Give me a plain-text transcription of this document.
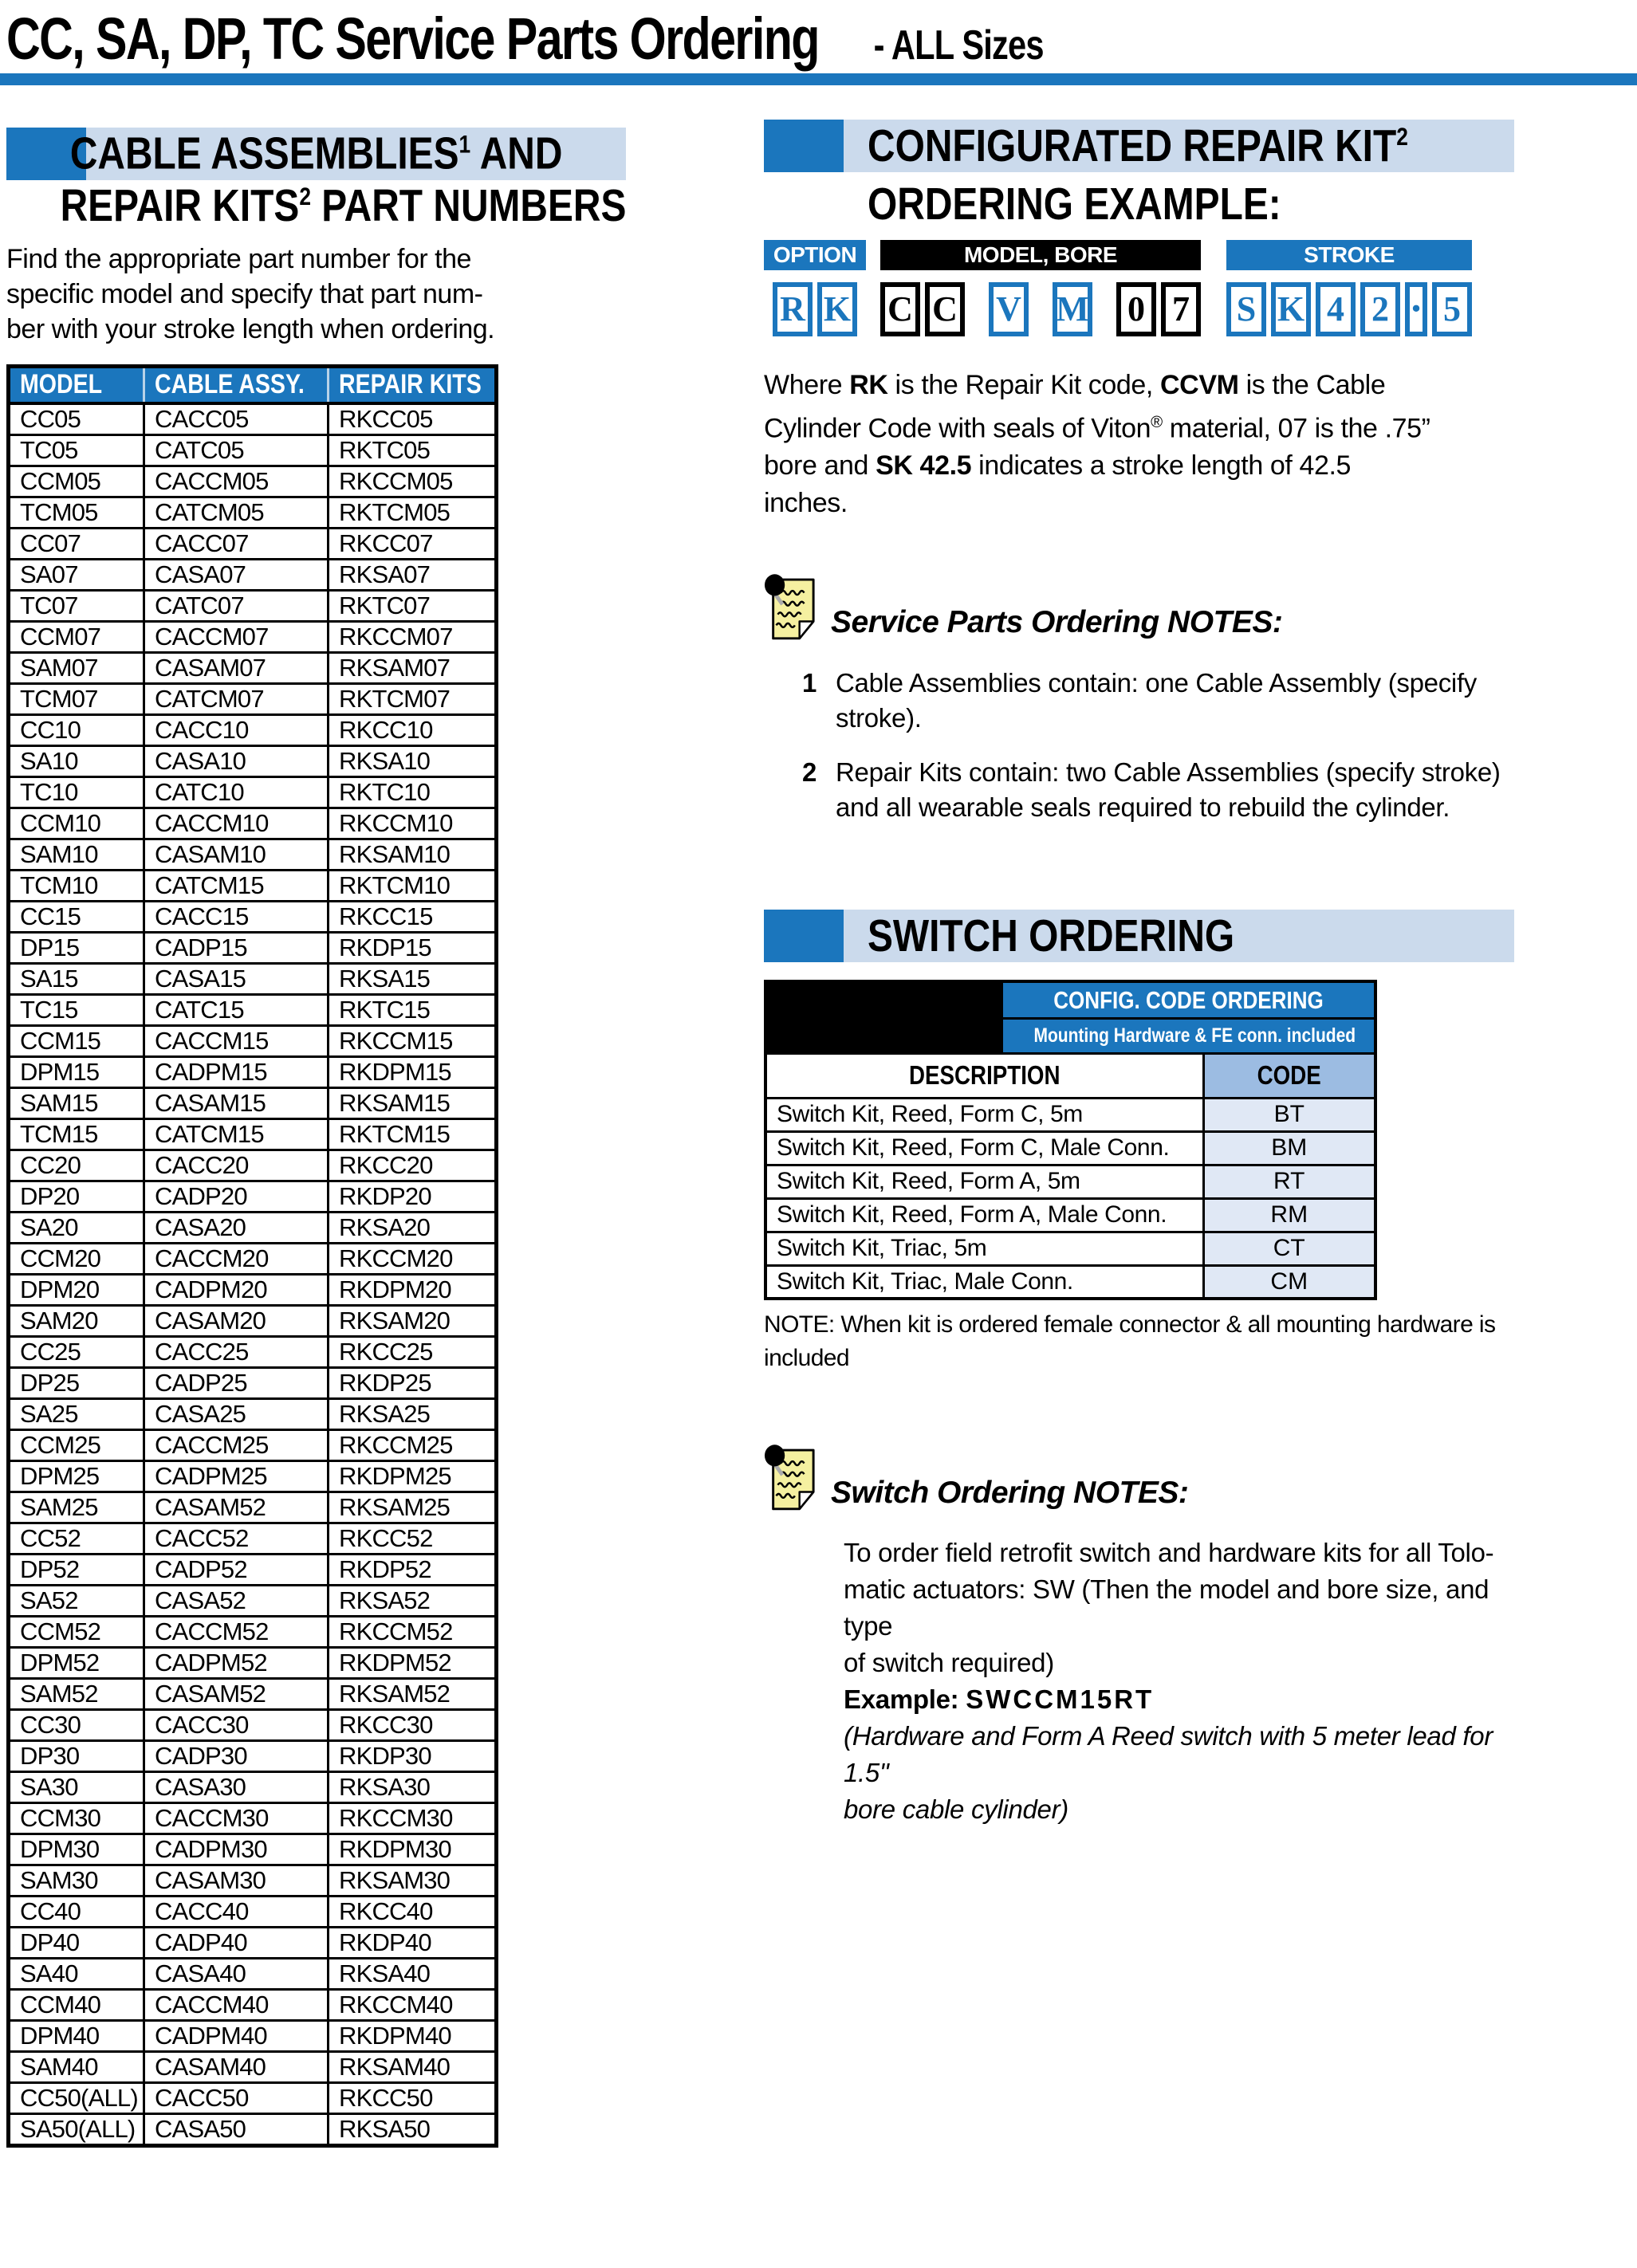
CC, SA, DP, TC Service Parts Ordering - ALL Sizes
CABLE ASSEMBLIES$^1$ AND
REPAIR KITS$^2$ PART NUMBERS
Find the appropriate part number for the
specific model and specify that part num-
ber with your stroke length when ordering.
MODEL	CABLE ASSY.	REPAIR KITS
CC05	CACC05	RKCC05
TC05	CATC05	RKTC05
CCM05	CACCM05	RKCCM05
TCM05	CATCM05	RKTCM05
CC07	CACC07	RKCC07
SA07	CASA07	RKSA07
TC07	CATC07	RKTC07
CCM07	CACCM07	RKCCM07
SAM07	CASAM07	RKSAM07
TCM07	CATCM07	RKTCM07
CC10	CACC10	RKCC10
SA10	CASA10	RKSA10
TC10	CATC10	RKTC10
CCM10	CACCM10	RKCCM10
SAM10	CASAM10	RKSAM10
TCM10	CATCM15	RKTCM10
CC15	CACC15	RKCC15
DP15	CADP15	RKDP15
SA15	CASA15	RKSA15
TC15	CATC15	RKTC15
CCM15	CACCM15	RKCCM15
DPM15	CADPM15	RKDPM15
SAM15	CASAM15	RKSAM15
TCM15	CATCM15	RKTCM15
CC20	CACC20	RKCC20
DP20	CADP20	RKDP20
SA20	CASA20	RKSA20
CCM20	CACCM20	RKCCM20
DPM20	CADPM20	RKDPM20
SAM20	CASAM20	RKSAM20
CC25	CACC25	RKCC25
DP25	CADP25	RKDP25
SA25	CASA25	RKSA25
CCM25	CACCM25	RKCCM25
DPM25	CADPM25	RKDPM25
SAM25	CASAM52	RKSAM25
CC52	CACC52	RKCC52
DP52	CADP52	RKDP52
SA52	CASA52	RKSA52
CCM52	CACCM52	RKCCM52
DPM52	CADPM52	RKDPM52
SAM52	CASAM52	RKSAM52
CC30	CACC30	RKCC30
DP30	CADP30	RKDP30
SA30	CASA30	RKSA30
CCM30	CACCM30	RKCCM30
DPM30	CADPM30	RKDPM30
SAM30	CASAM30	RKSAM30
CC40	CACC40	RKCC40
DP40	CADP40	RKDP40
SA40	CASA40	RKSA40
CCM40	CACCM40	RKCCM40
DPM40	CADPM40	RKDPM40
SAM40	CASAM40	RKSAM40
CC50(ALL)	CACC50	RKCC50
SA50(ALL)	CASA50	RKSA50
CONFIGURATED REPAIR KIT$^2$
ORDERING EXAMPLE:
OPTION
R K
MODEL, BORE
C C V M	0 7
STROKE
S K 4 2 · 5

Where RK is the Repair Kit code, CCVM is the Cable Cylinder Code with seals of Viton® material, 07 is the .75” bore and SK 42.5 indicates a stroke length of 42.5 inches.

Service Parts Ordering NOTES:
1 Cable Assemblies contain: one Cable Assembly (specify stroke).
2 Repair Kits contain: two Cable Assemblies (specify stroke) and all wearable seals required to rebuild the cylinder.
SWITCH ORDERING
	CONFIG. CODE ORDERING	
	Mounting Hardware & FE conn. included	
DESCRIPTION		CODE
Switch Kit, Reed, Form C, 5m		BT
Switch Kit, Reed, Form C, Male Conn.		BM
Switch Kit, Reed, Form A, 5m		RT
Switch Kit, Reed, Form A, Male Conn.		RM
Switch Kit, Triac, 5m		CT
Switch Kit, Triac, Male Conn.		CM
NOTE: When kit is ordered female connector & all mounting hardware is
included
Switch Ordering NOTES:
To order field retrofit switch and hardware kits for all Tolo-
matic actuators: SW (Then the model and bore size, and type
of switch required)
Example: SWCCM15RT
(Hardware and Form A Reed switch with 5 meter lead for 1.5"
bore cable cylinder)
